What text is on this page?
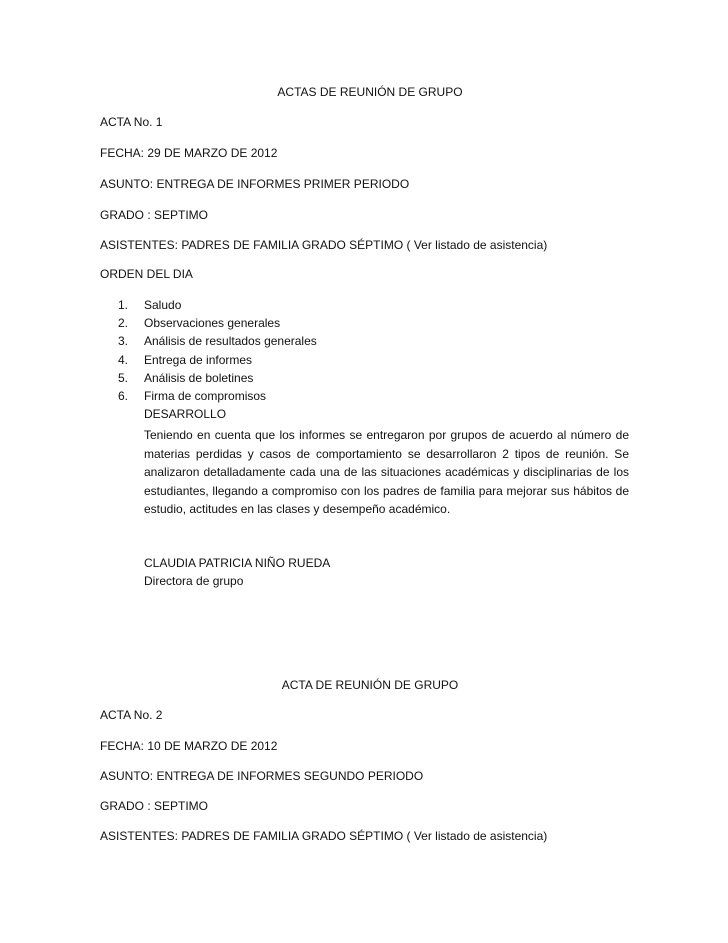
ACTAS DE REUNIÓN DE GRUPO
ACTA No. 1
FECHA: 29 DE MARZO DE 2012
ASUNTO: ENTREGA DE INFORMES PRIMER PERIODO
GRADO : SEPTIMO
ASISTENTES: PADRES DE FAMILIA GRADO SÉPTIMO ( Ver listado de asistencia)
ORDEN DEL DIA
1. Saludo
2. Observaciones generales
3. Análisis de resultados generales
4. Entrega de informes
5. Análisis de boletines
6. Firma de compromisos
DESARROLLO
Teniendo en cuenta que los informes se entregaron por grupos de acuerdo al número de materias perdidas y casos de comportamiento se desarrollaron 2 tipos de reunión. Se analizaron detalladamente cada una de las situaciones académicas y disciplinarias de los estudiantes, llegando a compromiso con los padres de familia para mejorar sus hábitos de estudio, actitudes en las clases y desempeño académico.
CLAUDIA PATRICIA NIÑO RUEDA
Directora de grupo
ACTA DE REUNIÓN DE GRUPO
ACTA No. 2
FECHA: 10 DE MARZO DE 2012
ASUNTO: ENTREGA DE INFORMES SEGUNDO PERIODO
GRADO : SEPTIMO
ASISTENTES: PADRES DE FAMILIA GRADO SÉPTIMO ( Ver listado de asistencia)
